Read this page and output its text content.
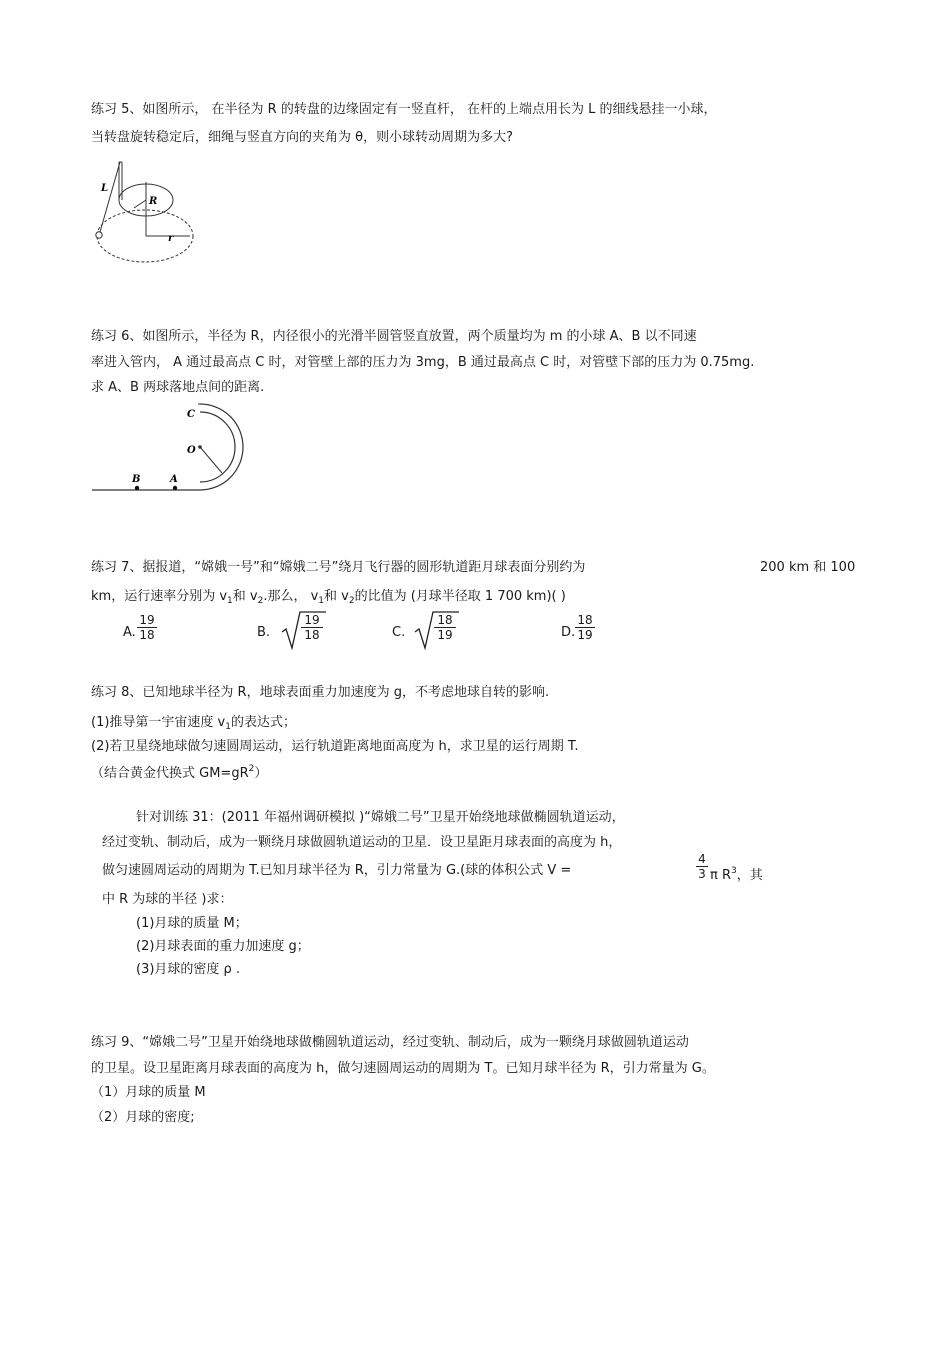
练习 5、如图所示， 在半径为 R 的转盘的边缘固定有一竖直杆， 在杆的上端点用长为 L 的细线悬挂一小球，
当转盘旋转稳定后，细绳与竖直方向的夹角为 θ，则小球转动周期为多大?
L
R
r
练习 6、如图所示，半径为 R，内径很小的光滑半圆管竖直放置，两个质量均为 m 的小球 A、B 以不同速
率进入管内， A 通过最高点 C 时，对管壁上部的压力为 3mg，B 通过最高点 C 时，对管壁下部的压力为 0.75mg.
求 A、B 两球落地点间的距离.
C
O
B	A
练习 7、据报道，“嫦娥一号”和“嫦娥二号”绕月飞行器的圆形轨道距月球表面分别约为	200 km 和 100
km，运行速率分别为 $v_1$和 $v_2$.那么， $v_1$和 $v_2$的比值为 (月球半径取 1 700 km)( )
A. $\frac{19}{18}$	B.	$\frac{19}{18}$	C. $\frac{18}{19}$	D. $\frac{18}{19}$
练习 8、已知地球半径为 R，地球表面重力加速度为 g，不考虑地球自转的影响.
(1)推导第一宇宙速度 $v_1$的表达式；
(2)若卫星绕地球做匀速圆周运动，运行轨道距离地面高度为 h，求卫星的运行周期 T.
（结合黄金代换式 $GM=gR^2$）
针对训练 31：(2011 年福州调研模拟 )“嫦娥二号”卫星开始绕地球做椭圆轨道运动，
经过变轨、制动后，成为一颗绕月球做圆轨道运动的卫星．设卫星距月球表面的高度为 h，
做匀速圆周运动的周期为 T.已知月球半径为 R，引力常量为 G.(球的体积公式 V =	$\frac{4}{3}$ π $R^3$，其
中 R 为球的半径 )求：
(1)月球的质量 M；
(2)月球表面的重力加速度 g；
(3)月球的密度 ρ .
练习 9、“嫦娥二号”卫星开始绕地球做椭圆轨道运动，经过变轨、制动后，成为一颗绕月球做圆轨道运动
的卫星。设卫星距离月球表面的高度为 h，做匀速圆周运动的周期为 T。已知月球半径为 R，引力常量为 G。
（1）月球的质量 M
（2）月球的密度;
